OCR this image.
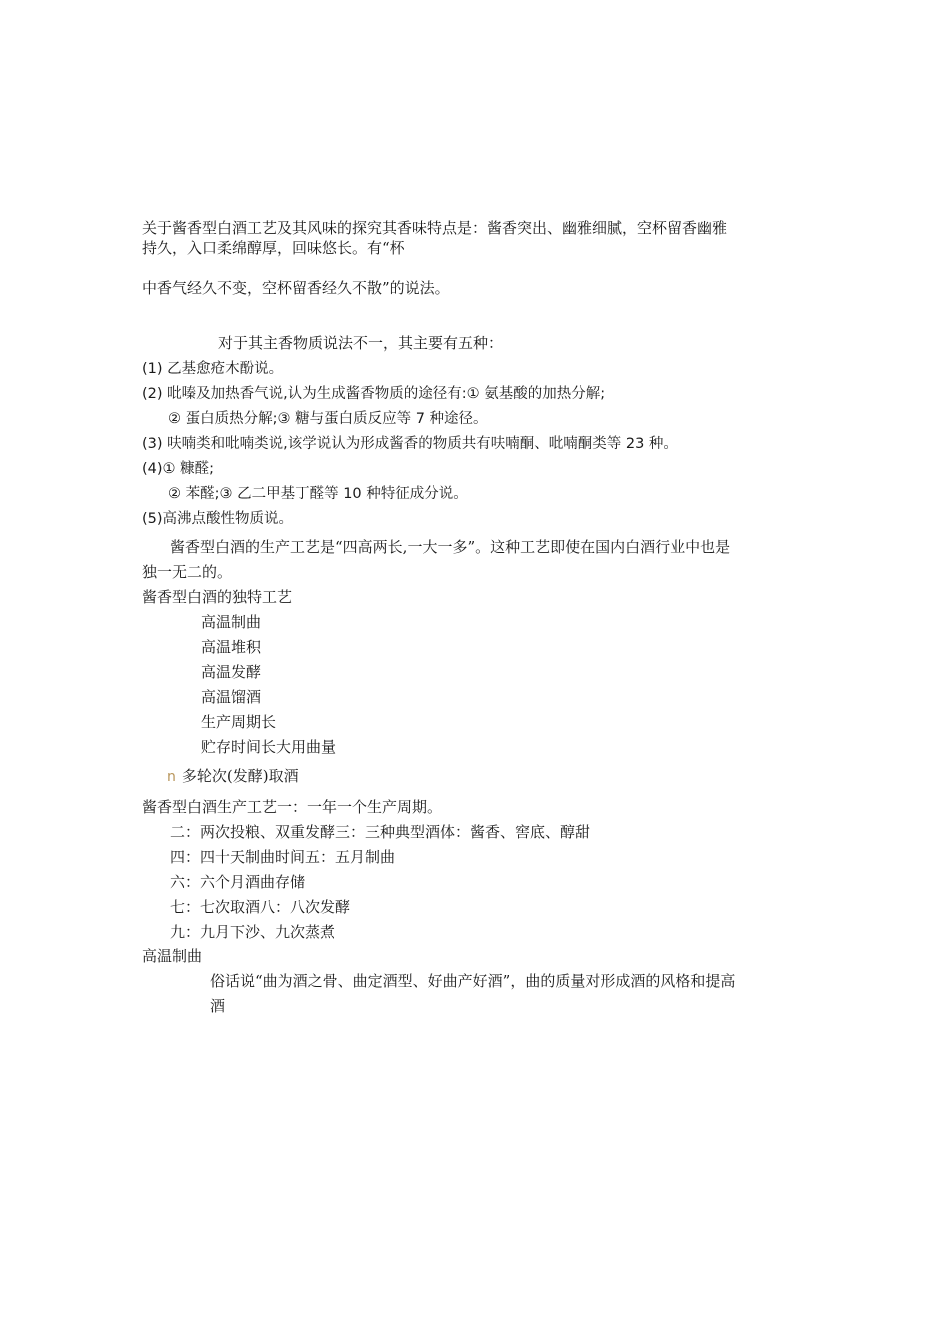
关于酱香型白酒工艺及其风味的探究其香味特点是：酱香突出、幽雅细腻，空杯留香幽雅
持久，入口柔绵醇厚，回味悠长。有“杯
中香气经久不变，空杯留香经久不散”的说法。
对于其主香物质说法不一，其主要有五种：
(1) 乙基愈疮木酚说。
(2) 吡嗪及加热香气说,认为生成酱香物质的途径有:① 氨基酸的加热分解;
② 蛋白质热分解;③ 糖与蛋白质反应等 7 种途径。
(3) 呋喃类和吡喃类说,该学说认为形成酱香的物质共有呋喃酮、吡喃酮类等 23 种。
(4)① 糠醛;
② 苯醛;③ 乙二甲基丁醛等 10 种特征成分说。
(5)高沸点酸性物质说。
酱香型白酒的生产工艺是“四高两长,一大一多”。这种工艺即使在国内白酒行业中也是
独一无二的。
酱香型白酒的独特工艺
高温制曲
高温堆积
高温发酵
高温馏酒
生产周期长
贮存时间长大用曲量
n 多轮次(发酵)取酒
酱香型白酒生产工艺一：一年一个生产周期。
二：两次投粮、双重发酵三：三种典型酒体：酱香、窖底、醇甜
四：四十天制曲时间五：五月制曲
六：六个月酒曲存储
七：七次取酒八：八次发酵
九：九月下沙、九次蒸煮
高温制曲
俗话说“曲为酒之骨、曲定酒型、好曲产好酒”，曲的质量对形成酒的风格和提高
酒
